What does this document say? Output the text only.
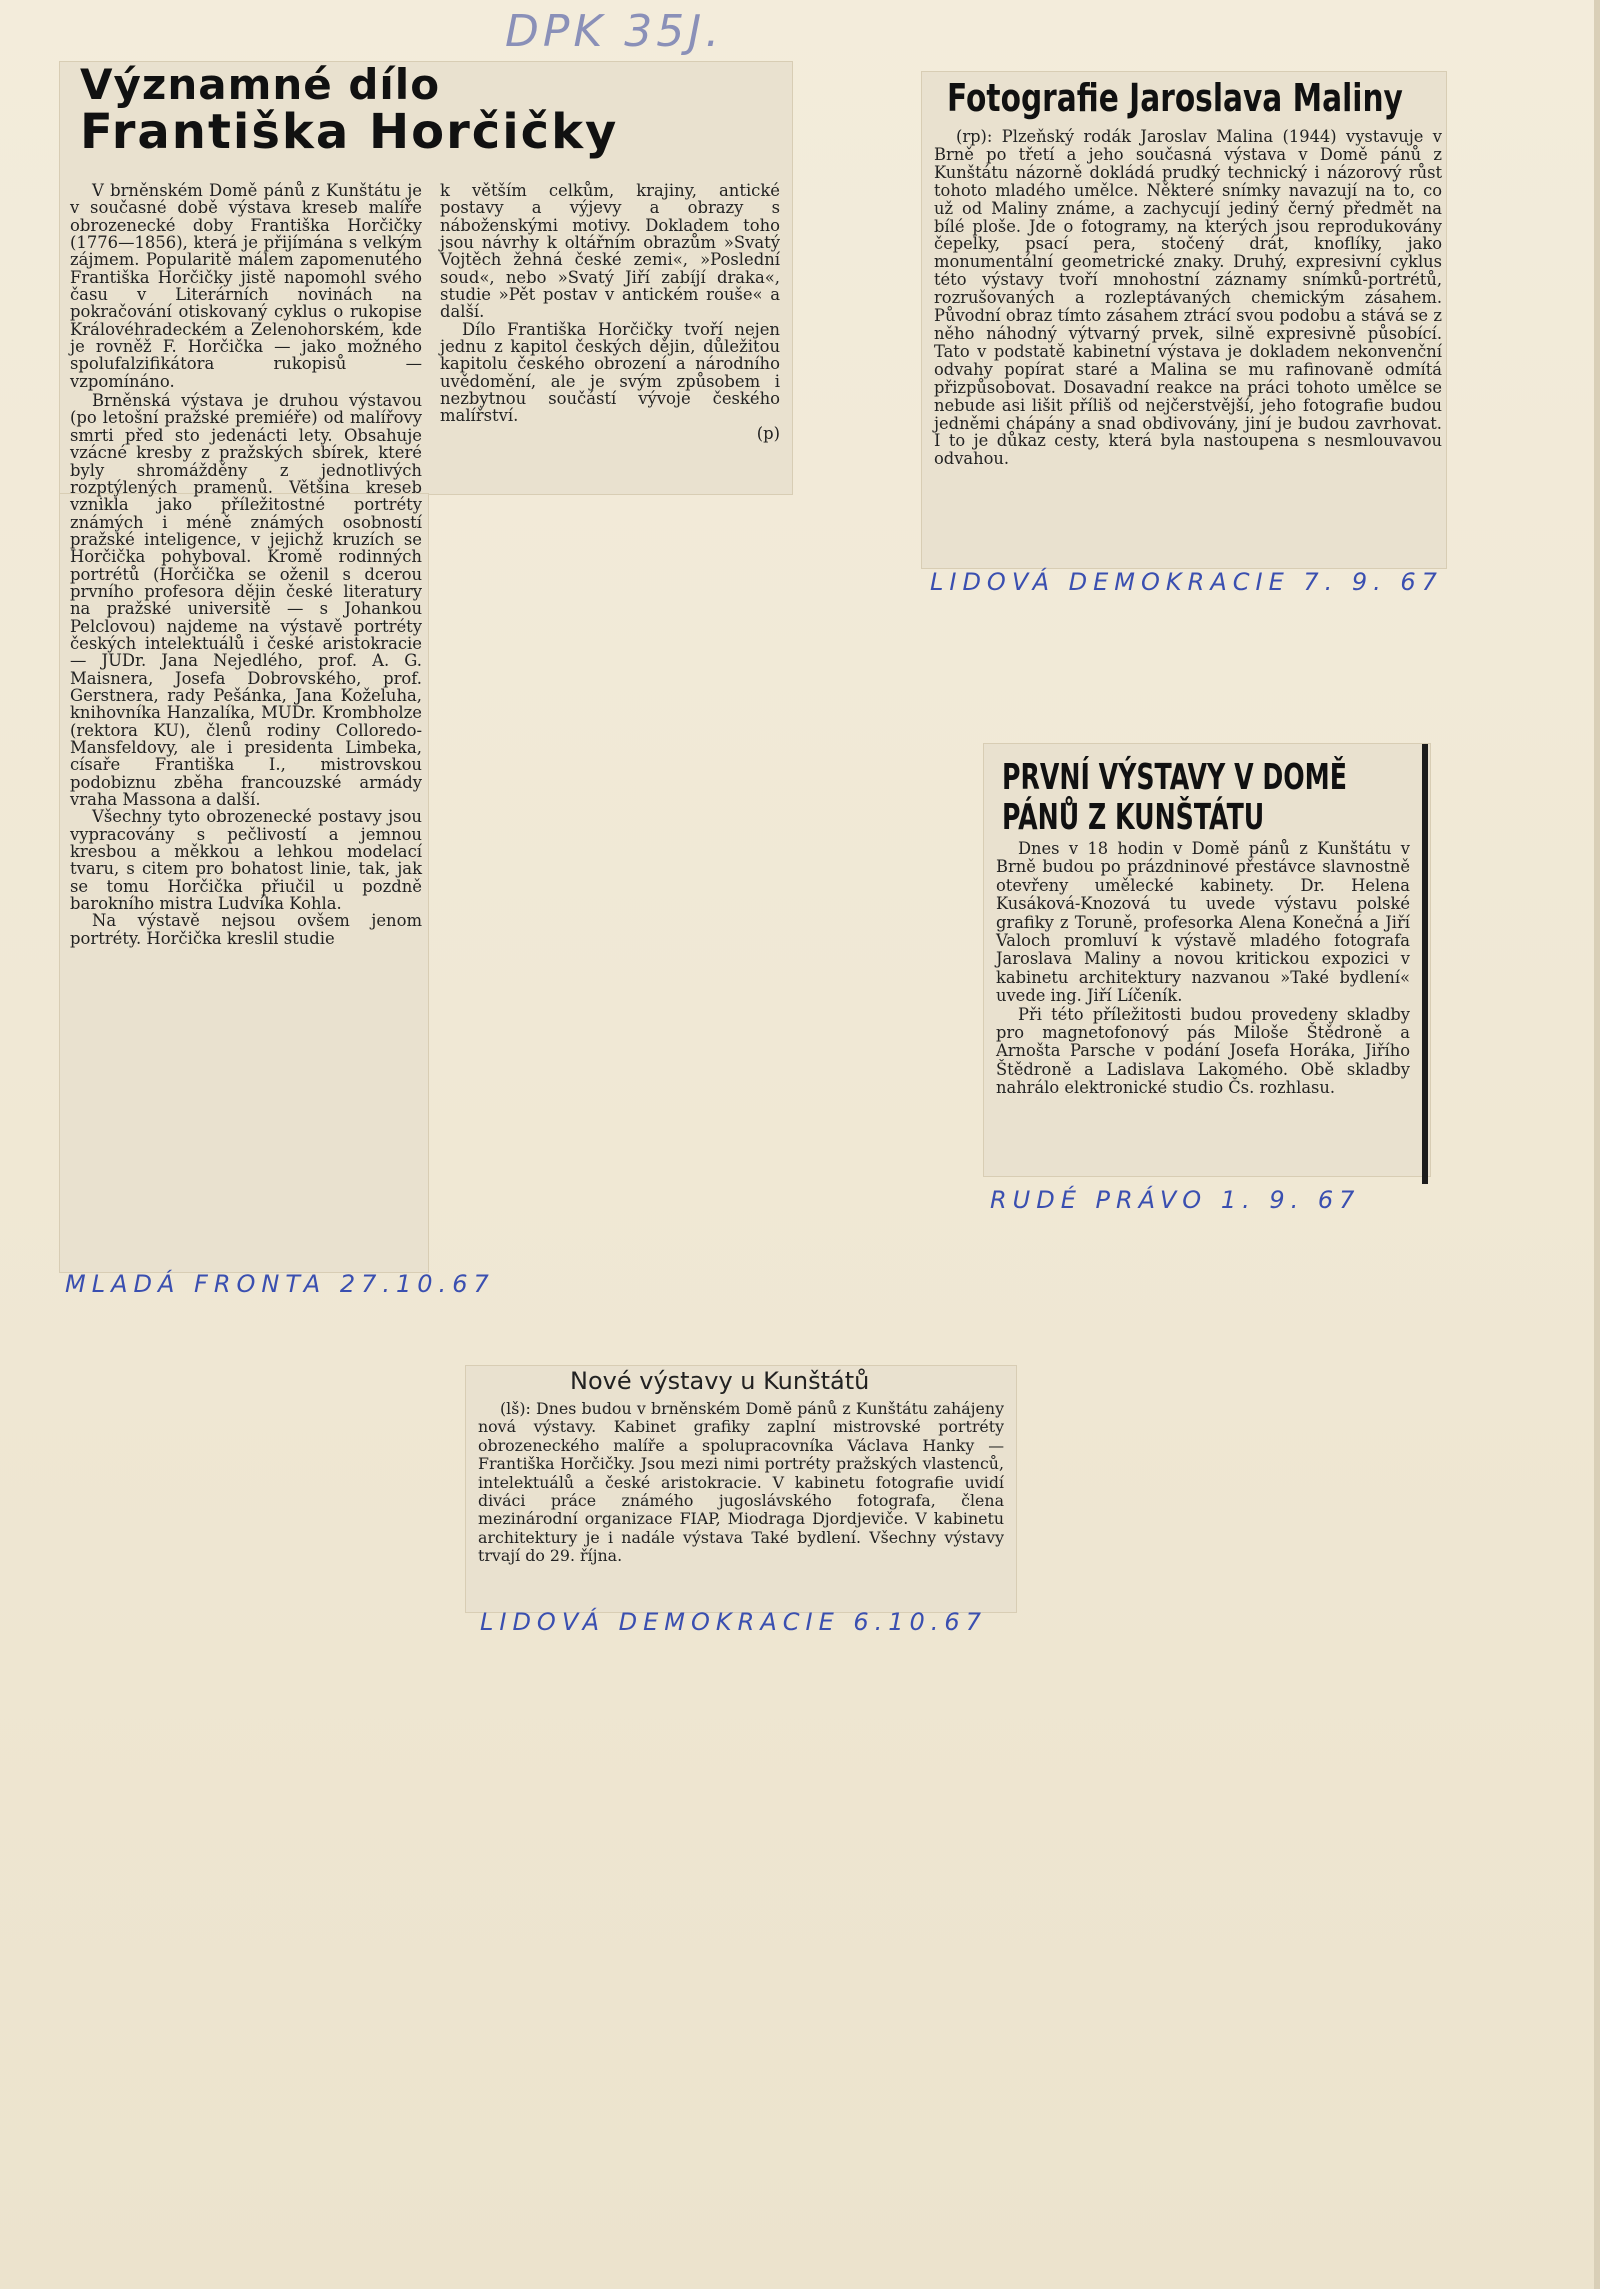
DPK 35J.
Významné dílo
Františka Horčičky

V brněnském Domě pánů z Kunštátu je v současné době výstava kreseb malíře obrozenecké doby Františka Horčičky (1776—1856), která je přijímána s velkým zájmem. Popularitě málem zapomenutého Františka Horčičky jistě napomohl svého času v Literárních novinách na pokračování otiskovaný cyklus o rukopise Královéhradeckém a Zelenohorském, kde je rovněž F. Horčička — jako možného spolufalzifikátora rukopisů — vzpomínáno.

Brněnská výstava je druhou výstavou (po letošní pražské premiéře) od malířovy smrti před sto jedenácti lety. Obsahuje vzácné kresby z pražských sbírek, které byly shromážděny z jednotlivých rozptýlených pramenů. Většina kreseb vznikla jako příležitostné portréty známých i méně známých osobností pražské inteligence, v jejichž kruzích se Horčička pohyboval. Kromě rodinných portrétů (Horčička se oženil s dcerou prvního profesora dějin české literatury na pražské universitě — s Johankou Pelclovou) najdeme na výstavě portréty českých intelektuálů i české aristokracie — JUDr. Jana Nejedlého, prof. A. G. Maisnera, Josefa Dobrovského, prof. Gerstnera, rady Pešánka, Jana Koželuha, knihovníka Hanzalíka, MUDr. Krombholze (rektora KU), členů rodiny Colloredo-Mansfeldovy, ale i presidenta Limbeka, císaře Františka I., mistrovskou podobiznu zběha francouzské armády vraha Massona a další.

Všechny tyto obrozenecké postavy jsou vypracovány s pečlivostí a jemnou kresbou a měkkou a lehkou modelací tvaru, s citem pro bohatost linie, tak, jak se tomu Horčička přiučil u pozdně barokního mistra Ludvíka Kohla.

Na výstavě nejsou ovšem jenom portréty. Horčička kreslil studie

k větším celkům, krajiny, antické postavy a výjevy a obrazy s náboženskými motivy. Dokladem toho jsou návrhy k oltářním obrazům »Svatý Vojtěch žehná české zemi«, »Poslední soud«, nebo »Svatý Jiří zabíjí draka«, studie »Pět postav v antickém rouše« a další.

Dílo Františka Horčičky tvoří nejen jednu z kapitol českých dějin, důležitou kapitolu českého obrození a národního uvědomění, ale je svým způsobem i nezbytnou součástí vývoje českého malířství.

(p)
MLADÁ FRONTA 27.10.67
Fotografie Jaroslava Maliny

(rp): Plzeňský rodák Jaroslav Malina (1944) vystavuje v Brně po třetí a jeho současná výstava v Domě pánů z Kunštátu názorně dokládá prudký technický i názorový růst tohoto mladého umělce. Některé snímky navazují na to, co už od Maliny známe, a zachycují jediný černý předmět na bílé ploše. Jde o fotogramy, na kterých jsou reprodukovány čepelky, psací pera, stočený drát, knoflíky, jako monumentální geometrické znaky. Druhý, expresivní cyklus této výstavy tvoří mnohostní záznamy snímků-portrétů, rozrušovaných a rozleptávaných chemickým zásahem. Původní obraz tímto zásahem ztrácí svou podobu a stává se z něho náhodný výtvarný prvek, silně expresivně působící. Tato v podstatě kabinetní výstava je dokladem nekonvenční odvahy popírat staré a Malina se mu rafinovaně odmítá přizpůsobovat. Dosavadní reakce na práci tohoto umělce se nebude asi lišit příliš od nejčerstvější, jeho fotografie budou jedněmi chápány a snad obdivovány, jiní je budou zavrhovat. I to je důkaz cesty, která byla nastoupena s nesmlouvavou odvahou.

LIDOVÁ DEMOKRACIE 7. 9. 67
PRVNÍ VÝSTAVY V DOMĚ
PÁNŮ Z KUNŠTÁTU

Dnes v 18 hodin v Domě pánů z Kunštátu v Brně budou po prázdninové přestávce slavnostně otevřeny umělecké kabinety. Dr. Helena Kusáková-Knozová tu uvede výstavu polské grafiky z Toruně, profesorka Alena Konečná a Jiří Valoch promluví k výstavě mladého fotografa Jaroslava Maliny a novou kritickou expozici v kabinetu architektury nazvanou »Také bydlení« uvede ing. Jiří Líčeník.

Při této příležitosti budou provedeny skladby pro magnetofonový pás Miloše Štědroně a Arnošta Parsche v podání Josefa Horáka, Jiřího Štědroně a Ladislava Lakomého. Obě skladby nahrálo elektronické studio Čs. rozhlasu.

RUDÉ PRÁVO 1. 9. 67
Nové výstavy u Kunštátů

(lš): Dnes budou v brněnském Domě pánů z Kunštátu zahájeny nová výstavy. Kabinet grafiky zaplní mistrovské portréty obrozeneckého malíře a spolupracovníka Václava Hanky — Františka Horčičky. Jsou mezi nimi portréty pražských vlastenců, intelektuálů a české aristokracie. V kabinetu fotografie uvidí diváci práce známého jugoslávského fotografa, člena mezinárodní organizace FIAP, Miodraga Djordjeviče. V kabinetu architektury je i nadále výstava Také bydlení. Všechny výstavy trvají do 29. října.

LIDOVÁ DEMOKRACIE 6.10.67
